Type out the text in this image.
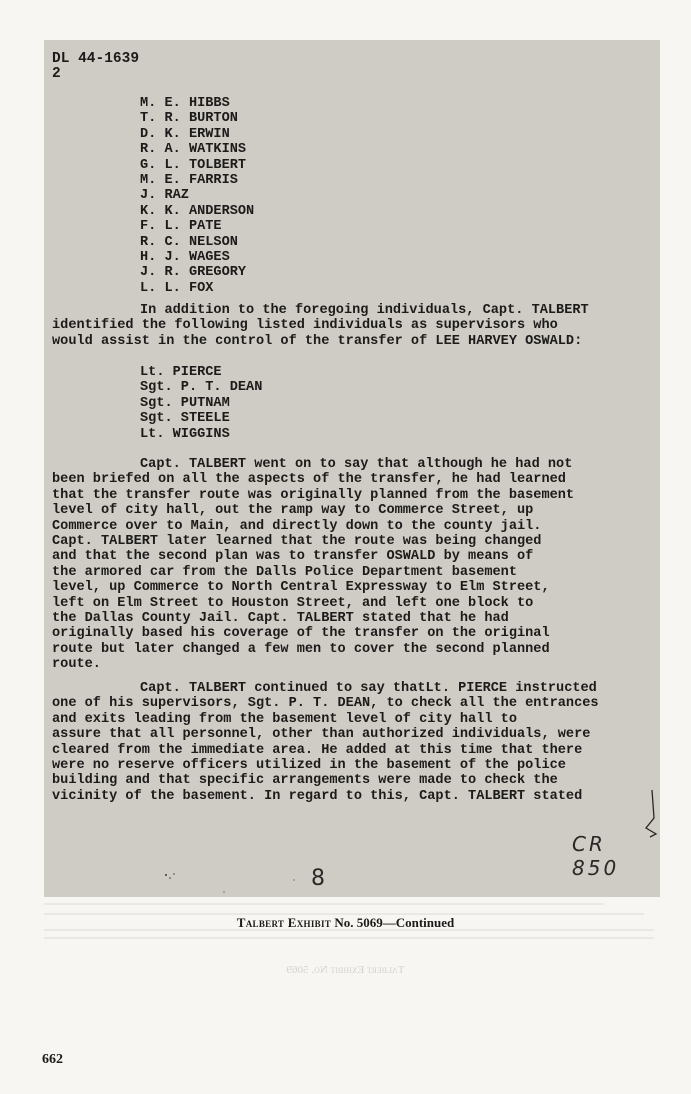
DL 44-1639
2
M. E. HIBBS
T. R. BURTON
D. K. ERWIN
R. A. WATKINS
G. L. TOLBERT
M. E. FARRIS
J. RAZ
K. K. ANDERSON
F. L. PATE
R. C. NELSON
H. J. WAGES
J. R. GREGORY
L. L. FOX
In addition to the foregoing individuals, Capt. TALBERT
identified the following listed individuals as supervisors who
would assist in the control of the transfer of LEE HARVEY OSWALD:
Lt. PIERCE
Sgt. P. T. DEAN
Sgt. PUTNAM
Sgt. STEELE
Lt. WIGGINS
Capt. TALBERT went on to say that although he had not
been briefed on all the aspects of the transfer, he had learned
that the transfer route was originally planned from the basement
level of city hall, out the ramp way to Commerce Street, up
Commerce over to Main, and directly down to the county jail.
Capt. TALBERT later learned that the route was being changed
and that the second plan was to transfer OSWALD by means of
the armored car from the Dalls Police Department basement
level, up Commerce to North Central Expressway to Elm Street,
left on Elm Street to Houston Street, and left one block to
the Dallas County Jail. Capt. TALBERT stated that he had
originally based his coverage of the transfer on the original
route but later changed a few men to cover the second planned
route.
Capt. TALBERT continued to say thatLt. PIERCE instructed
one of his supervisors, Sgt. P. T. DEAN, to check all the entrances
and exits leading from the basement level of city hall to
assure that all personnel, other than authorized individuals, were
cleared from the immediate area. He added at this time that there
were no reserve officers utilized in the basement of the police
building and that specific arrangements were made to check the
vicinity of the basement. In regard to this, Capt. TALBERT stated
CR 850
8
Talbert Exhibit No. 5069—Continued
Talbert Exhibit No. 5069
662
